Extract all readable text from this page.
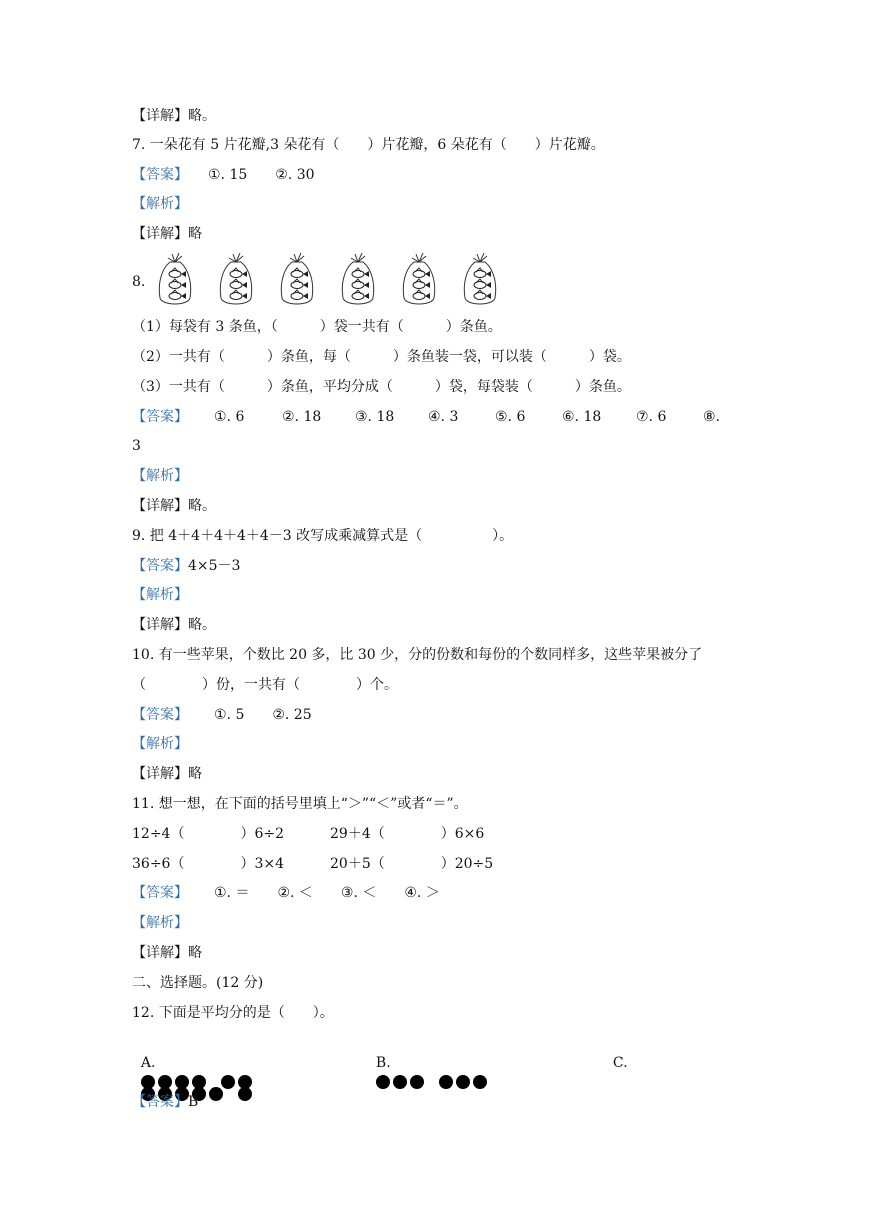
【详解】略。
7. 一朵花有 5 片花瓣,3 朵花有（　　）片花瓣，6 朵花有（　　）片花瓣。
【答案】 ①. 15　　②. 30
【解析】
【详解】略
8.
（1）每袋有 3 条鱼，（　　　）袋一共有（　　　）条鱼。
（2）一共有（　　　）条鱼，每（　　　）条鱼装一袋，可以装（　　　）袋。
（3）一共有（　　　）条鱼，平均分成（　　　）袋，每袋装（　　　）条鱼。
【答案】 ①. 6	②. 18 ③. 18 ④. 3	⑤. 6	⑥. 18 ⑦. 6	⑧.
3
【解析】
【详解】略。
9. 把 4＋4＋4＋4＋4－3 改写成乘减算式是（　　　　　）。
【答案】4×5－3
【解析】
【详解】略。
10. 有一些苹果，个数比 20 多，比 30 少，分的份数和每份的个数同样多，这些苹果被分了
（　　　　）份，一共有（　　　　）个。
【答案】 ①. 5　　②. 25
【解析】
【详解】略
11. 想一想，在下面的括号里填上“＞”“＜”或者“＝”。
12÷4（　　　　）6÷2	29＋4（　　　　）6×6
36÷6（　　　　）3×4	20＋5（　　　　）20÷5
【答案】 ①. ＝　　②. ＜　　③. ＜　　④. ＞
【解析】
【详解】略
二、选择题。(12 分)
12. 下面是平均分的是（　　）。

A.
	B.
	C.

【答案】B
